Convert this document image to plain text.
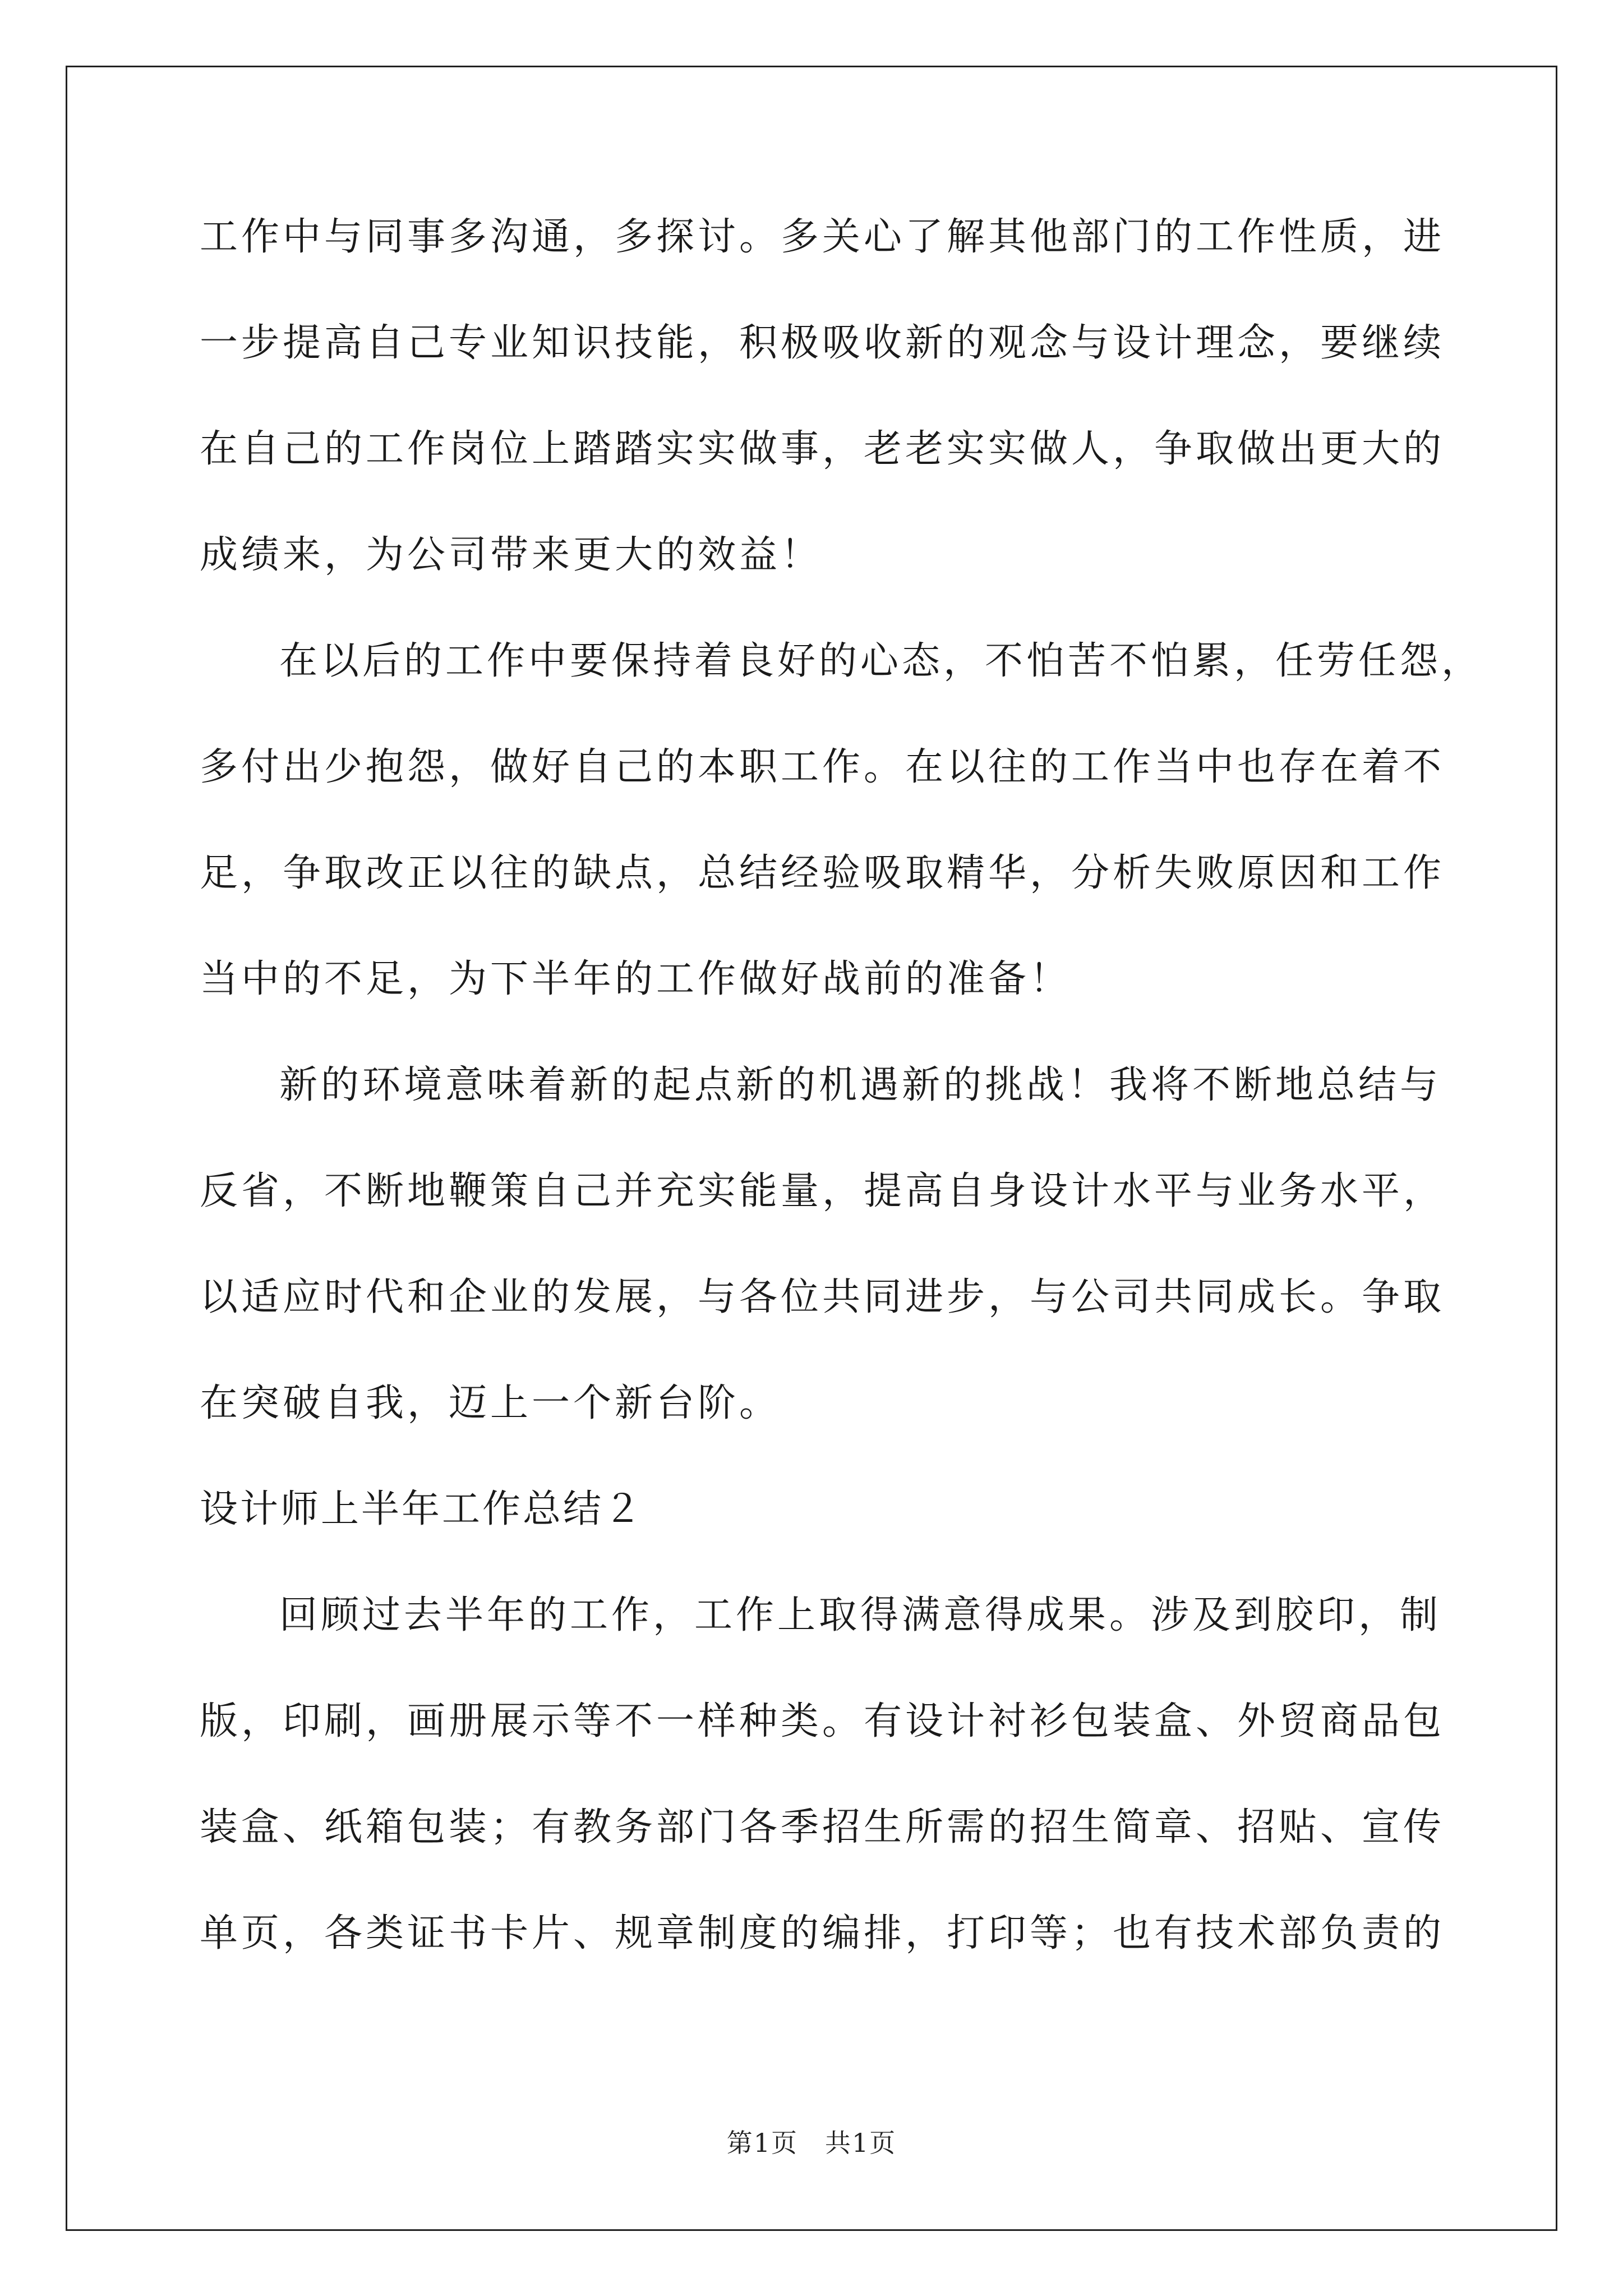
工作中与同事多沟通，多探讨。多关心了解其他部门的工作性质，进
一步提高自己专业知识技能，积极吸收新的观念与设计理念，要继续
在自己的工作岗位上踏踏实实做事，老老实实做人，争取做出更大的
成绩来，为公司带来更大的效益！
在以后的工作中要保持着良好的心态，不怕苦不怕累，任劳任怨，
多付出少抱怨，做好自己的本职工作。在以往的工作当中也存在着不
足，争取改正以往的缺点，总结经验吸取精华，分析失败原因和工作
当中的不足，为下半年的工作做好战前的准备！
新的环境意味着新的起点新的机遇新的挑战！我将不断地总结与
反省，不断地鞭策自己并充实能量，提高自身设计水平与业务水平，
以适应时代和企业的发展，与各位共同进步，与公司共同成长。争取
在突破自我，迈上一个新台阶。
设计师上半年工作总结２
回顾过去半年的工作，工作上取得满意得成果。涉及到胶印，制
版，印刷，画册展示等不一样种类。有设计衬衫包装盒、外贸商品包
装盒、纸箱包装；有教务部门各季招生所需的招生简章、招贴、宣传
单页，各类证书卡片、规章制度的编排，打印等；也有技术部负责的
第1页　共1页
